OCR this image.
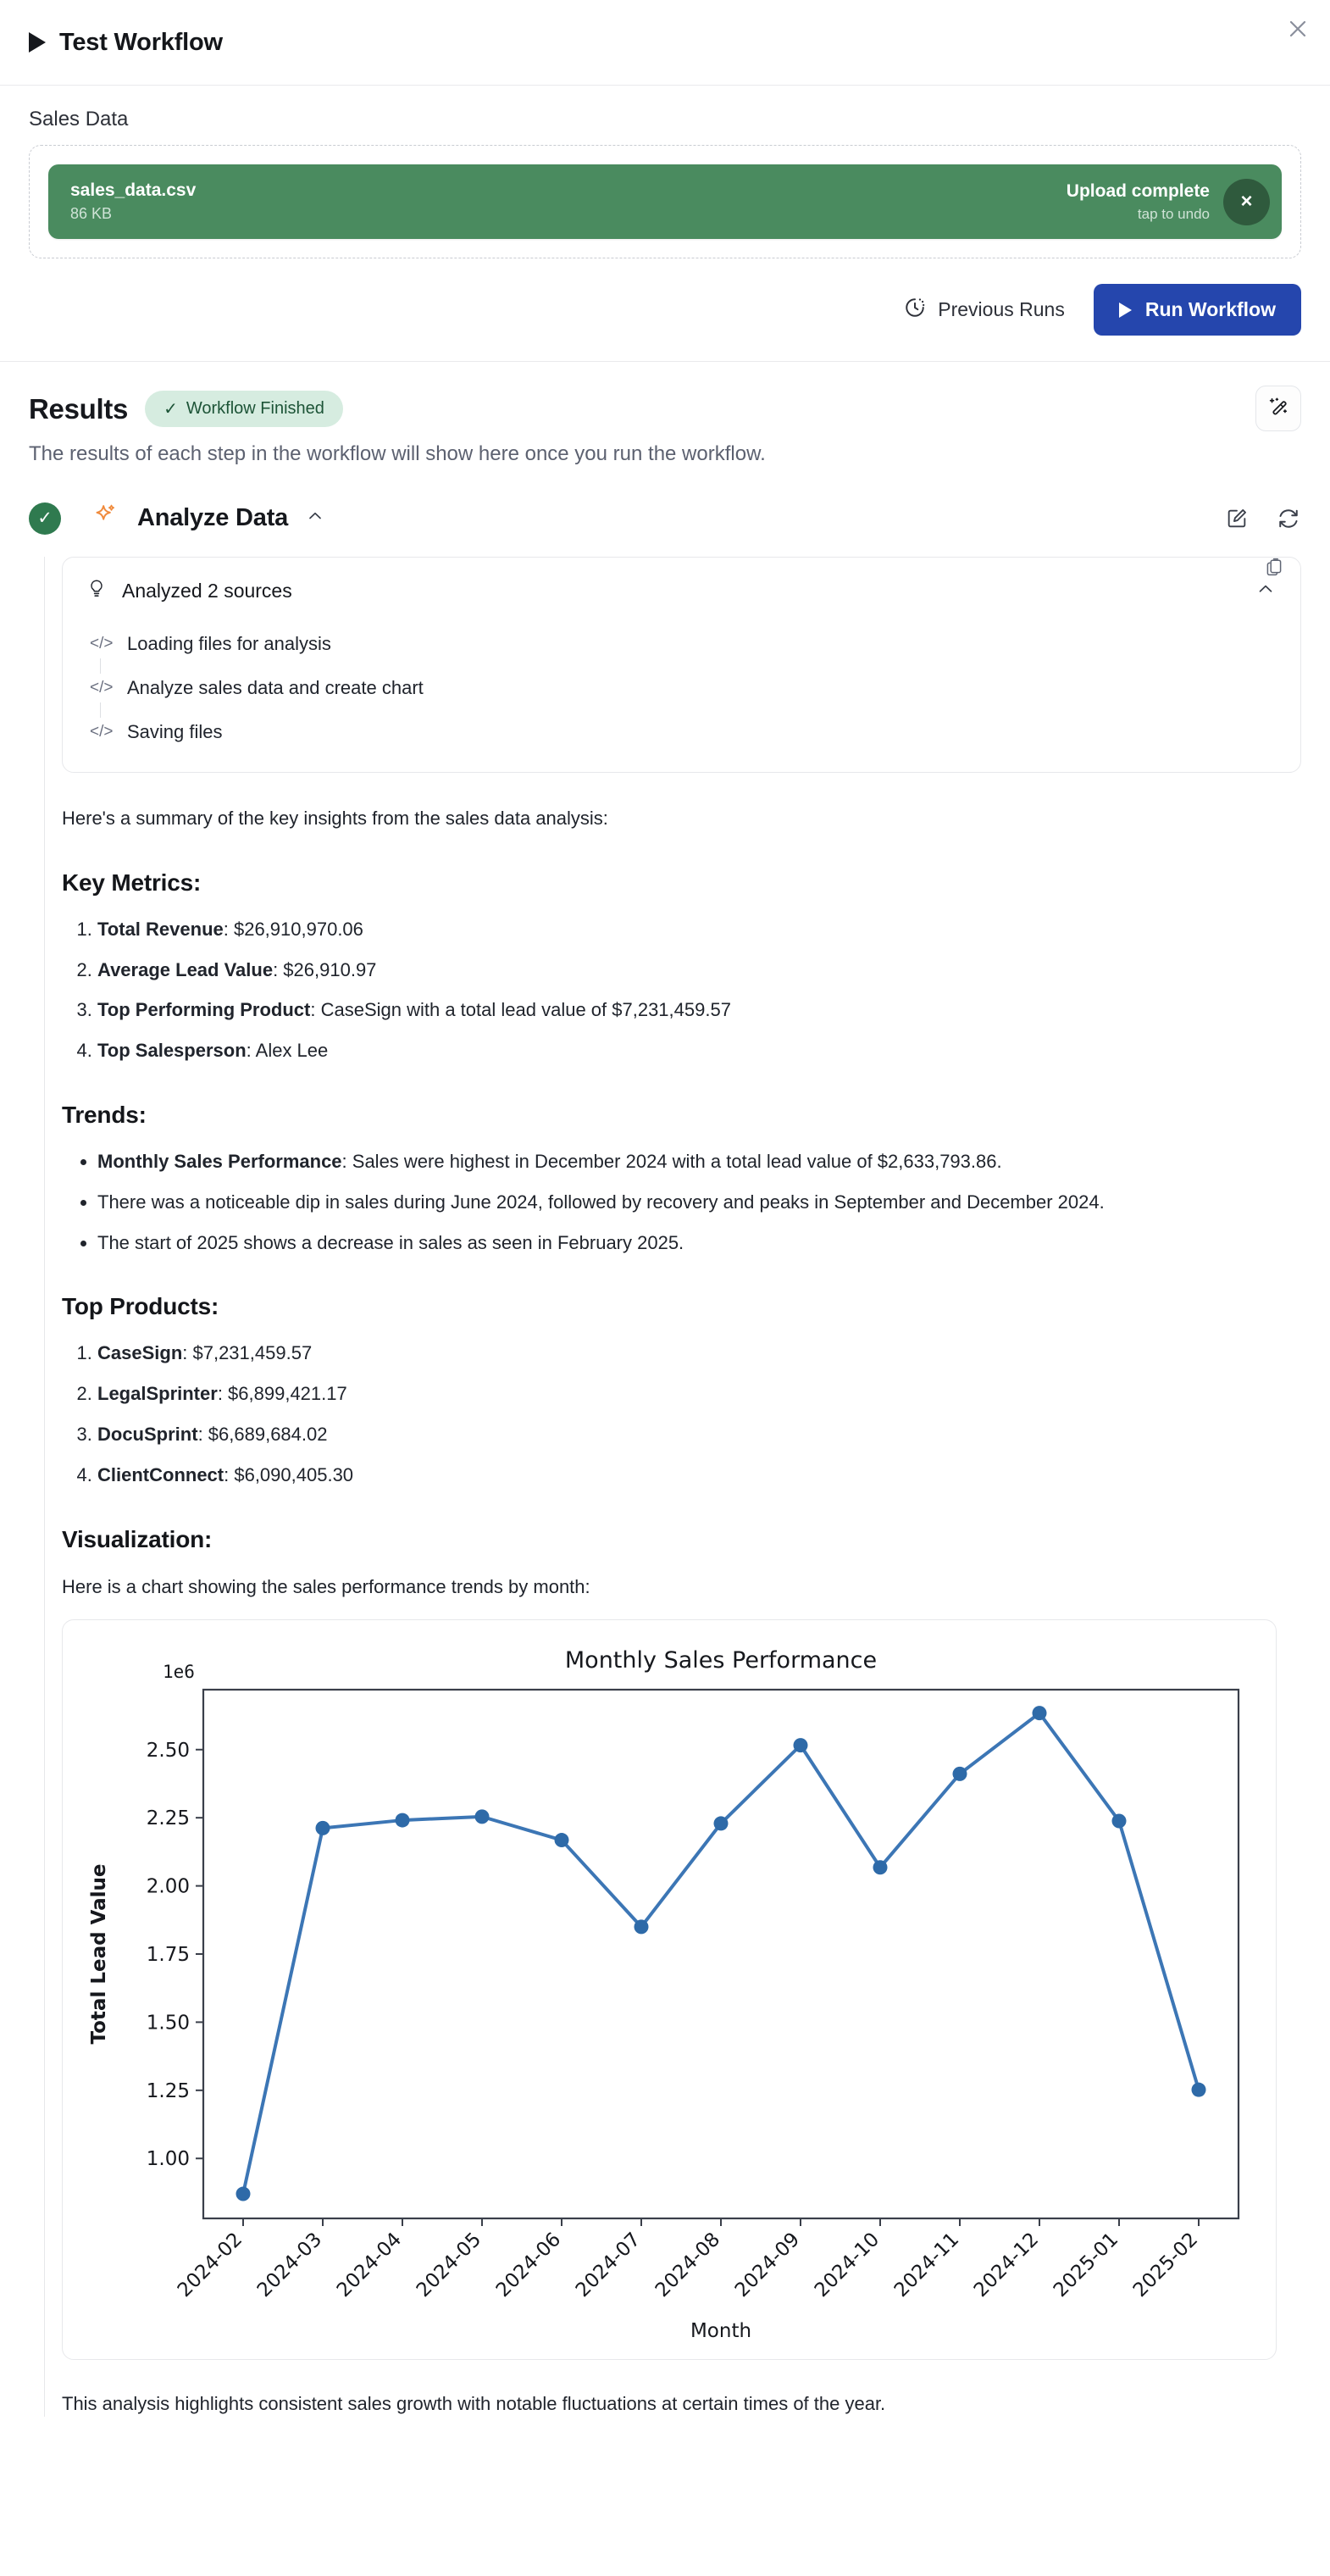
Test Workflow
Sales Data
sales_data.csv
86 KB
Upload complete
tap to undo
×
Previous Runs	Run Workflow
Results ✓ Workflow Finished
The results of each step in the workflow will show here once you run the workflow.
✓	Analyze Data
Analyzed 2 sources
</> Loading files for analysis
</> Analyze sales data and create chart
</> Saving files

Here's a summary of the key insights from the sales data analysis:

Key Metrics:
1. Total Revenue: $26,910,970.06
2. Average Lead Value: $26,910.97
3. Top Performing Product: CaseSign with a total lead value of $7,231,459.57
4. Top Salesperson: Alex Lee
Trends:
• Monthly Sales Performance: Sales were highest in December 2024 with a total lead value of $2,633,793.86.
• There was a noticeable dip in sales during June 2024, followed by recovery and peaks in September and December 2024.
• The start of 2025 shows a decrease in sales as seen in February 2025.
Top Products:
1. CaseSign: $7,231,459.57
2. LegalSprinter: $6,899,421.17
3. DocuSprint: $6,689,684.02
4. ClientConnect: $6,090,405.30
Visualization:

Here is a chart showing the sales performance trends by month:

Monthly Sales Performance
1e6
1.00
1.25
1.50
1.75
2.00
2.25
2.50
Total Lead Value
2024-02 2024-03 2024-04 2024-05 2024-06 2024-07 2024-08 2024-09 2024-10 2024-11 2024-12 2025-01 2025-02
Month

This analysis highlights consistent sales growth with notable fluctuations at certain times of the year.
